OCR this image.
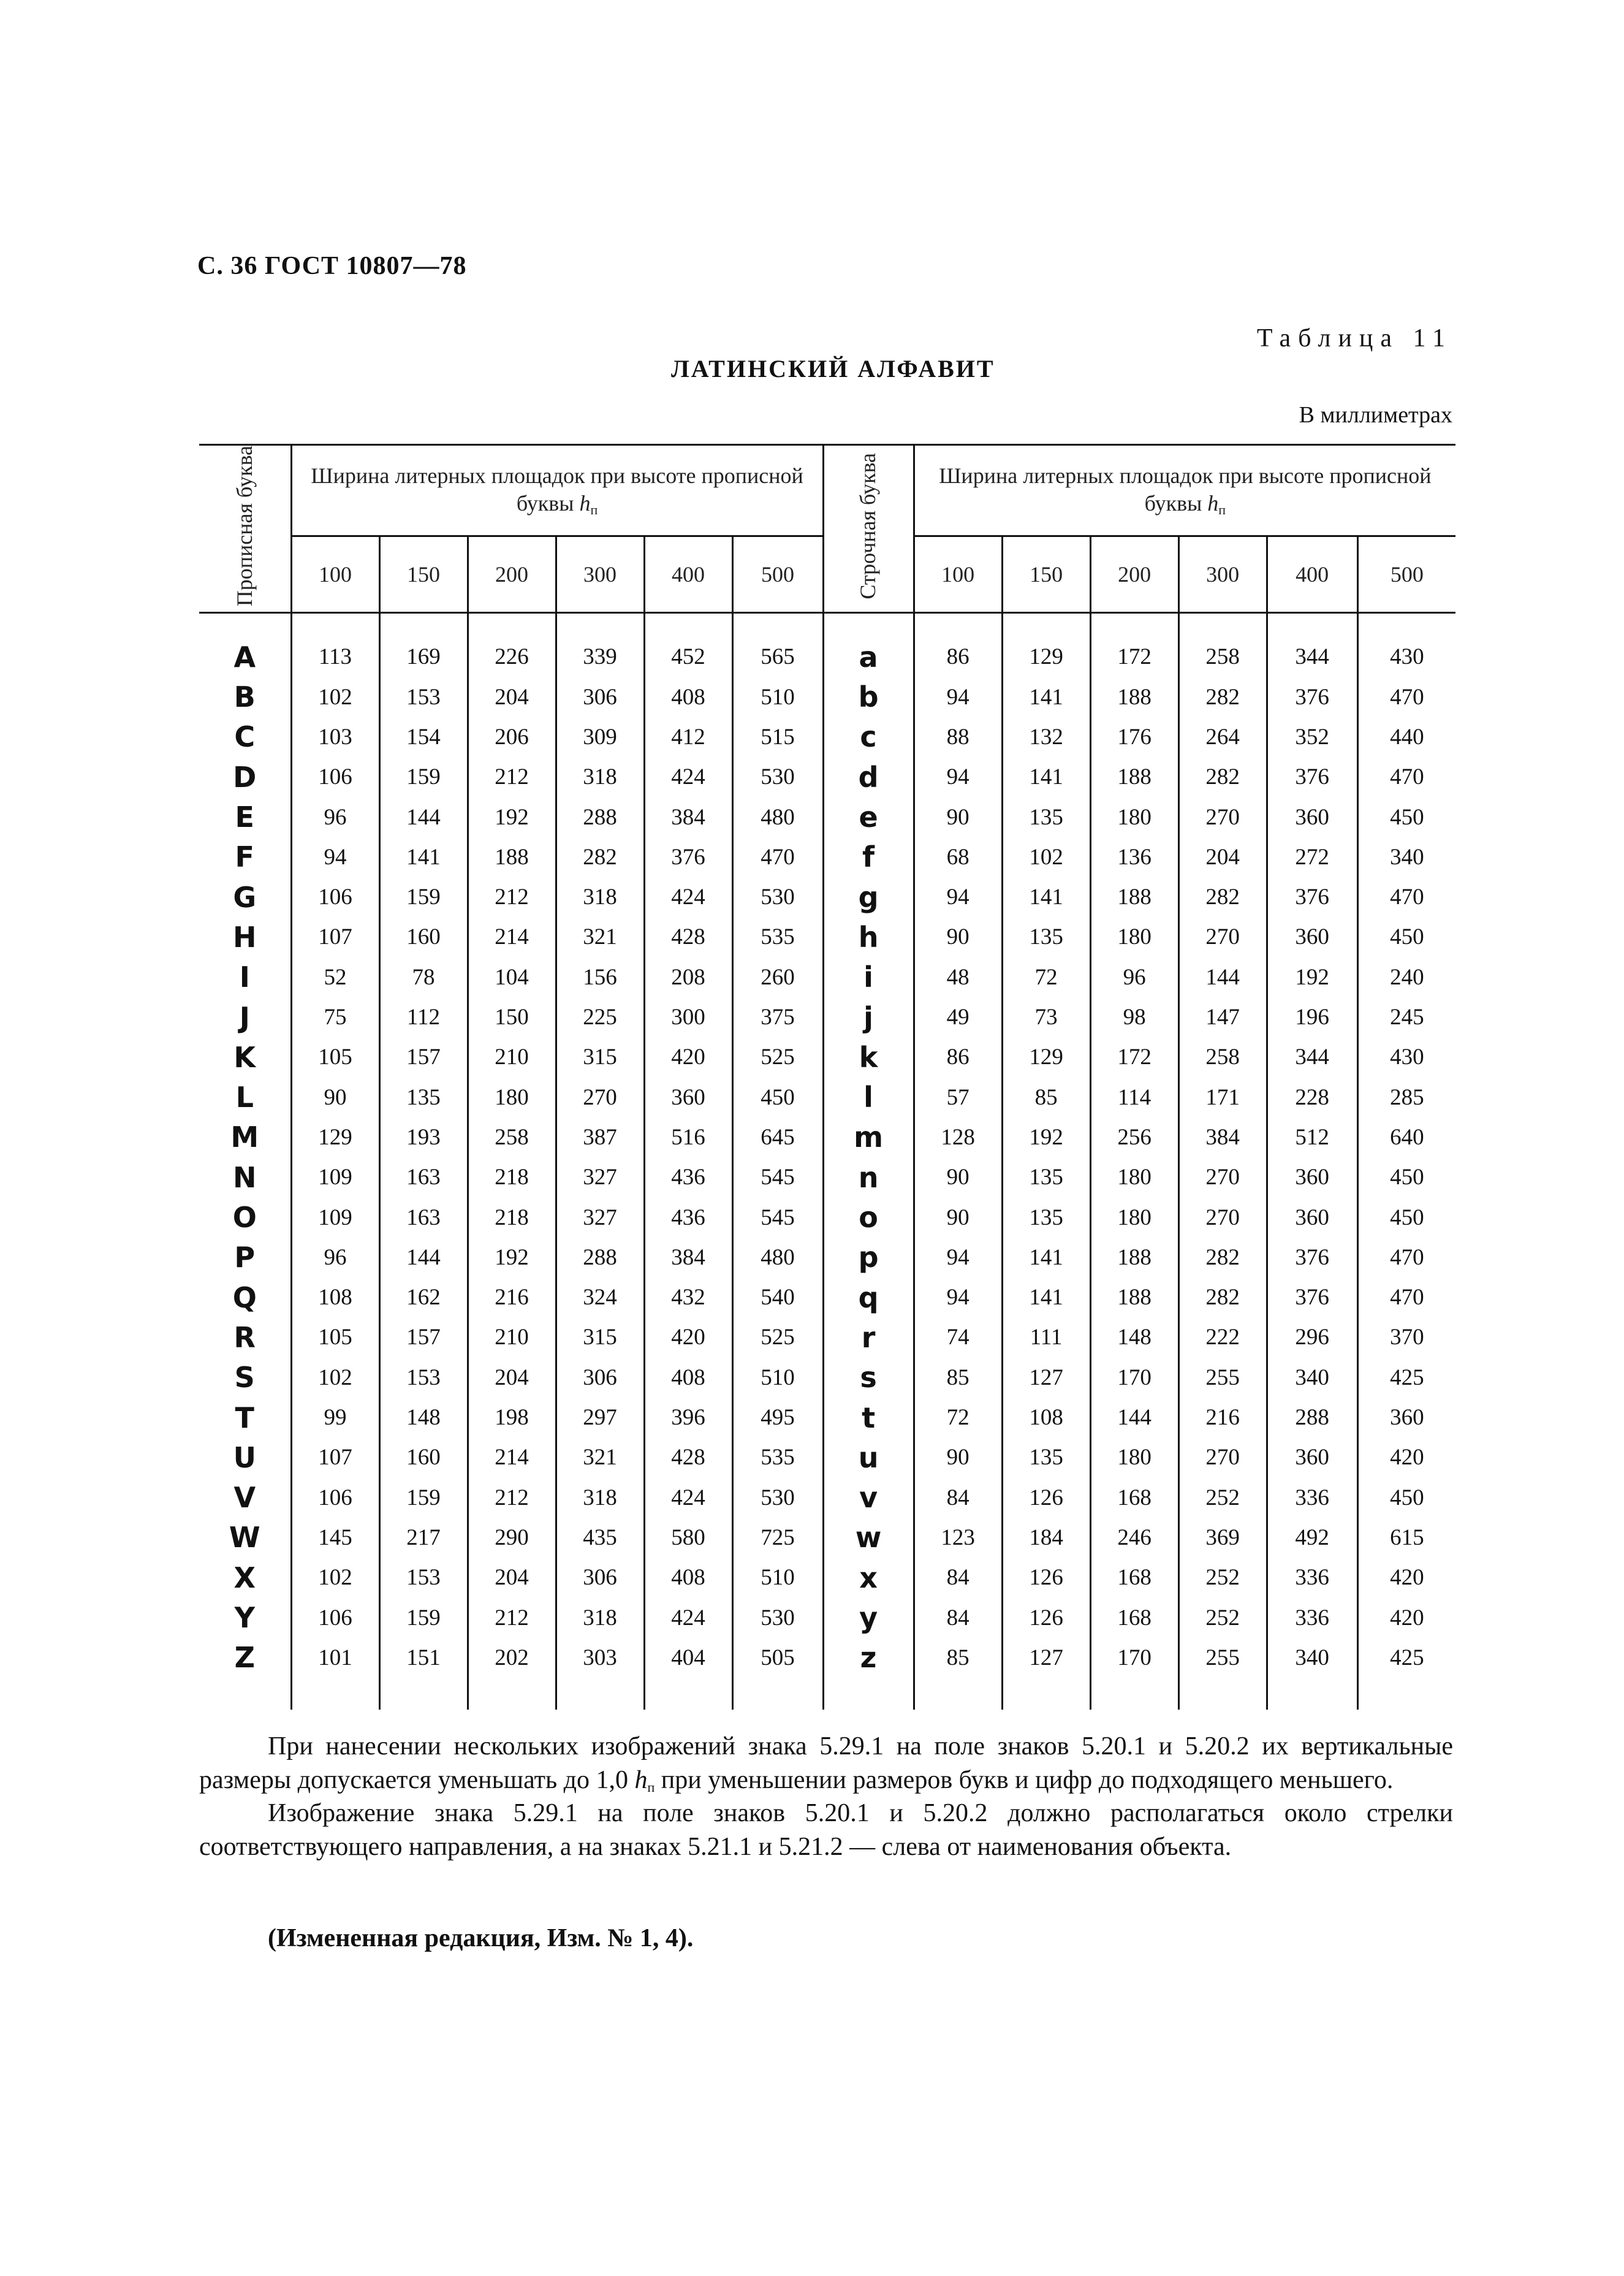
С. 36 ГОСТ 10807—78
Таблица 11
ЛАТИНСКИЙ АЛФАВИТ
В миллиметрах
Прописная буква	Ширина литерных площадок при высоте прописной буквы $h_п$						Строчная буква	Ширина литерных площадок при высоте прописной буквы $h_п$
	100	150	200	300	400	500		100	150	200	300	400	500
A	113	169	226	339	452	565	a	86	129	172	258	344	430
B	102	153	204	306	408	510	b	94	141	188	282	376	470
C	103	154	206	309	412	515	c	88	132	176	264	352	440
D	106	159	212	318	424	530	d	94	141	188	282	376	470
E	96	144	192	288	384	480	e	90	135	180	270	360	450
F	94	141	188	282	376	470	f	68	102	136	204	272	340
G	106	159	212	318	424	530	g	94	141	188	282	376	470
H	107	160	214	321	428	535	h	90	135	180	270	360	450
I	52	78	104	156	208	260	i	48	72	96	144	192	240
J	75	112	150	225	300	375	j	49	73	98	147	196	245
K	105	157	210	315	420	525	k	86	129	172	258	344	430
L	90	135	180	270	360	450	l	57	85	114	171	228	285
M	129	193	258	387	516	645	m	128	192	256	384	512	640
N	109	163	218	327	436	545	n	90	135	180	270	360	450
O	109	163	218	327	436	545	o	90	135	180	270	360	450
P	96	144	192	288	384	480	p	94	141	188	282	376	470
Q	108	162	216	324	432	540	q	94	141	188	282	376	470
R	105	157	210	315	420	525	r	74	111	148	222	296	370
S	102	153	204	306	408	510	s	85	127	170	255	340	425
T	99	148	198	297	396	495	t	72	108	144	216	288	360
U	107	160	214	321	428	535	u	90	135	180	270	360	420
V	106	159	212	318	424	530	v	84	126	168	252	336	450
W	145	217	290	435	580	725	w	123	184	246	369	492	615
X	102	153	204	306	408	510	x	84	126	168	252	336	420
Y	106	159	212	318	424	530	y	84	126	168	252	336	420
Z	101	151	202	303	404	505	z	85	127	170	255	340	425

При нанесении нескольких изображений знака 5.29.1 на поле знаков 5.20.1 и 5.20.2 их вертикальные размеры допускается уменьшать до 1,0 $h_п$ при уменьшении размеров букв и цифр до подходящего меньшего.

Изображение знака 5.29.1 на поле знаков 5.20.1 и 5.20.2 должно располагаться около стрелки соответствующего направления, а на знаках 5.21.1 и 5.21.2 — слева от наименования объекта.

(Измененная редакция, Изм. № 1, 4).
